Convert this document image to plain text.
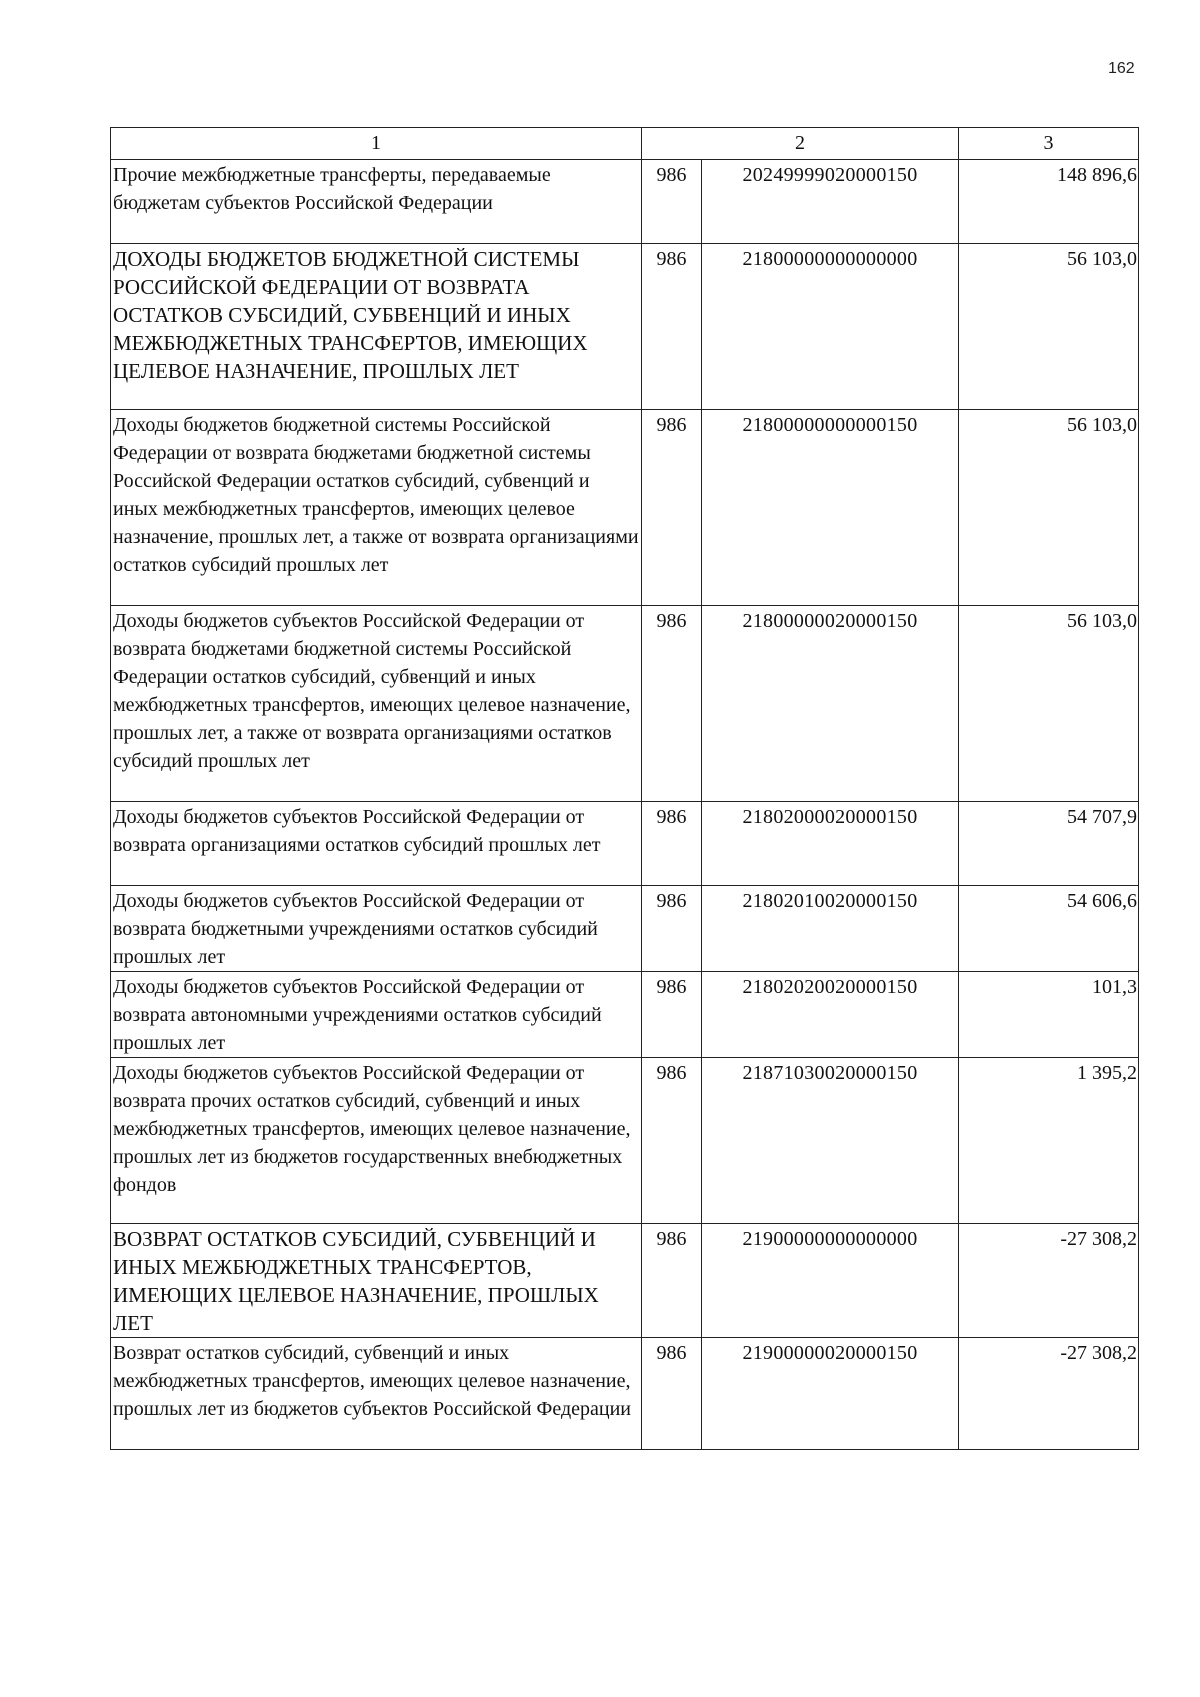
162
1	2		3
Прочие межбюджетные трансферты, передаваемые бюджетам субъектов Российской Федерации	986	20249999020000150	148 896,6
ДОХОДЫ БЮДЖЕТОВ БЮДЖЕТНОЙ СИСТЕМЫ РОССИЙСКОЙ ФЕДЕРАЦИИ ОТ ВОЗВРАТА ОСТАТКОВ СУБСИДИЙ, СУБВЕНЦИЙ И ИНЫХ МЕЖБЮДЖЕТНЫХ ТРАНСФЕРТОВ, ИМЕЮЩИХ ЦЕЛЕВОЕ НАЗНАЧЕНИЕ, ПРОШЛЫХ ЛЕТ	986	21800000000000000	56 103,0
Доходы бюджетов бюджетной системы Российской Федерации от возврата бюджетами бюджетной системы Российской Федерации остатков субсидий, субвенций и иных межбюджетных трансфертов, имеющих целевое назначение, прошлых лет, а также от возврата организациями остатков субсидий прошлых лет	986	21800000000000150	56 103,0
Доходы бюджетов субъектов Российской Федерации от возврата бюджетами бюджетной системы Российской Федерации остатков субсидий, субвенций и иных межбюджетных трансфертов, имеющих целевое назначение, прошлых лет, а также от возврата организациями остатков субсидий прошлых лет	986	21800000020000150	56 103,0
Доходы бюджетов субъектов Российской Федерации от возврата организациями остатков субсидий прошлых лет	986	21802000020000150	54 707,9
Доходы бюджетов субъектов Российской Федерации от возврата бюджетными учреждениями остатков субсидий прошлых лет	986	21802010020000150	54 606,6
Доходы бюджетов субъектов Российской Федерации от возврата автономными учреждениями остатков субсидий прошлых лет	986	21802020020000150	101,3
Доходы бюджетов субъектов Российской Федерации от возврата прочих остатков субсидий, субвенций и иных межбюджетных трансфертов, имеющих целевое назначение, прошлых лет из бюджетов государственных внебюджетных фондов	986	21871030020000150	1 395,2
ВОЗВРАТ ОСТАТКОВ СУБСИДИЙ, СУБВЕНЦИЙ И ИНЫХ МЕЖБЮДЖЕТНЫХ ТРАНСФЕРТОВ, ИМЕЮЩИХ ЦЕЛЕВОЕ НАЗНАЧЕНИЕ, ПРОШЛЫХ ЛЕТ	986	21900000000000000	-27 308,2
Возврат остатков субсидий, субвенций и иных межбюджетных трансфертов, имеющих целевое назначение, прошлых лет из бюджетов субъектов Российской Федерации	986	21900000020000150	-27 308,2
